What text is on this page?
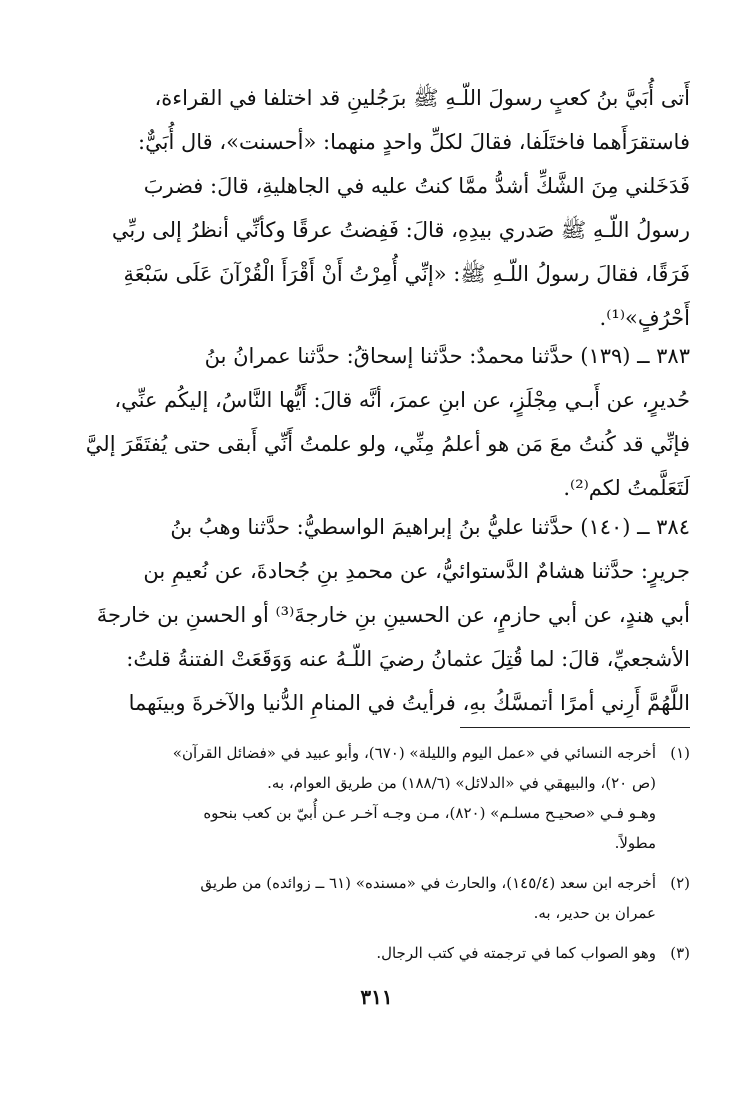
أَتى أُبَيَّ بنُ كعبٍ رسولَ اللّـهِ ﷺ برَجُلينِ قد اختلفا في القراءة،
فاستقرَأَهما فاختَلَفا، فقالَ لكلِّ واحدٍ منهما: «أحسنت»، قال أُبَيٌّ:
فَدَخَلني مِنَ الشَّكِّ أشدُّ ممَّا كنتُ عليه في الجاهليةِ، قالَ: فضربَ
رسولُ اللّـهِ ﷺ صَدري بيدِهِ، قالَ: فَفِضتُ عرقًا وكأنِّي أنظرُ إلى ربِّي
فَرَقًا، فقالَ رسولُ اللّـهِ ﷺ: «إنِّي أُمِرْتُ أَنْ أَقْرَأَ الْقُرْآنَ عَلَى سَبْعَةِ
أَحْرُفٍ»⁽¹⁾.
٣٨٣ ــ (١٣٩) حدَّثنا محمدٌ: حدَّثنا إسحاقُ: حدَّثنا عمرانُ بنُ
حُديرٍ، عن أَبـي مِجْلَزٍ، عن ابنِ عمرَ، أنَّه قالَ: أَيُّها النَّاسُ، إليكُم عنِّي،
فإنِّي قد كُنتُ معَ مَن هو أعلمُ مِنِّي، ولو علمتُ أَنِّي أَبقى حتى يُفتَقَرَ إليَّ
لَتَعَلَّمتُ لكم⁽²⁾.
٣٨٤ ــ (١٤٠) حدَّثنا عليُّ بنُ إبراهيمَ الواسطيُّ: حدَّثنا وهبُ بنُ
جريرٍ: حدَّثنا هشامٌ الدَّستوائيُّ، عن محمدِ بنِ جُحادةَ، عن نُعيمِ بن
أبي هندٍ، عن أبي حازمٍ، عن الحسينِ بنِ خارجةَ⁽³⁾ أو الحسنِ بن خارجةَ
الأشجعيِّ، قالَ: لما قُتِلَ عثمانُ رضيَ اللّـهُ عنه وَوَقَعَتْ الفتنةُ قلتُ:
اللَّهُمَّ أَرِني أمرًا أتمسَّكُ بهِ، فرأيتُ في المنامِ الدُّنيا والآخرةَ وبينَهما
(١)أخرجه النسائي في «عمل اليوم والليلة» (٦٧٠)، وأبو عبيد في «فضائل القرآن»
(ص ٢٠)، والبيهقي في «الدلائل» (١٨٨/٦) من طريق العوام، به.
وهـو فـي «صحيـح مسلـم» (٨٢٠)، مـن وجـه آخـر عـن أُبيّ بن كعب بنحوه
مطولاً.
(٢)أخرجه ابن سعد (١٤٥/٤)، والحارث في «مسنده» (٦١ ــ زوائده) من طريق
عمران بن حدير، به.
(٣)وهو الصواب كما في ترجمته في كتب الرجال.
٣١١
